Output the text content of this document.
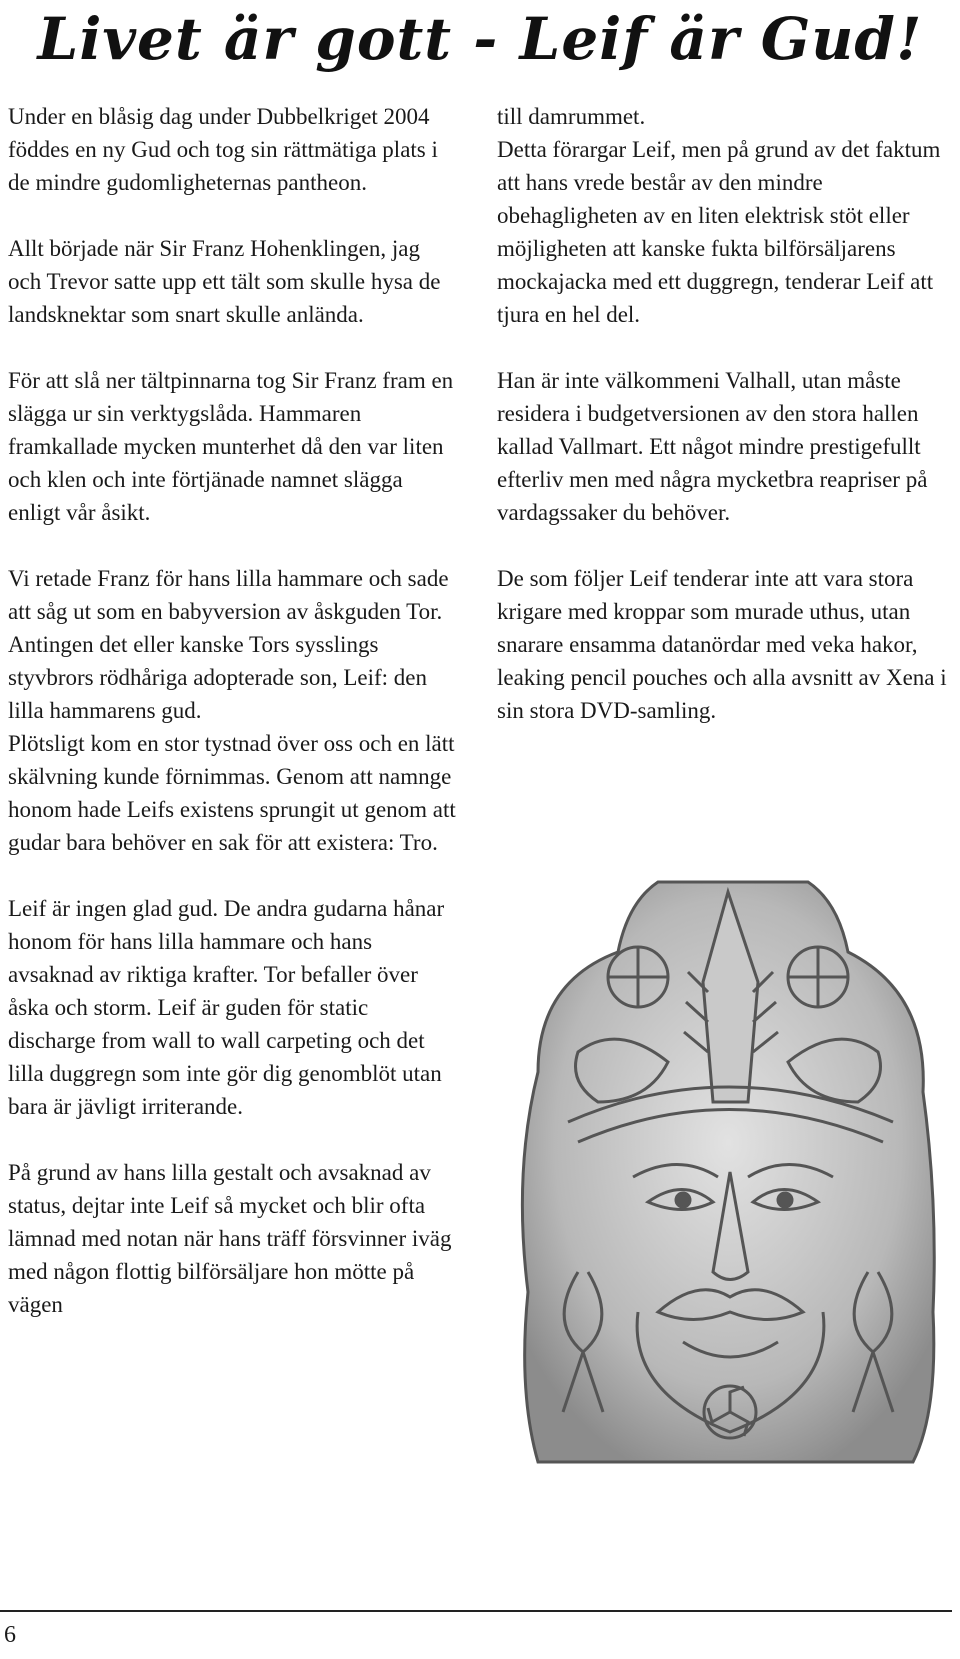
Livet är gott - Leif är Gud!

Under en blåsig dag under Dubbelkriget 2004 föddes en ny Gud och tog sin rättmätiga plats i de mindre gudomligheternas pantheon.

Allt började när Sir Franz Hohenklingen, jag och Trevor satte upp ett tält som skulle hysa de landsknektar som snart skulle anlända.

För att slå ner tältpinnarna tog Sir Franz fram en slägga ur sin verktygslåda. Hammaren framkallade mycken munterhet då den var liten och klen och inte förtjänade namnet slägga enligt vår åsikt.

Vi retade Franz för hans lilla hammare och sade att såg ut som en babyversion av åskguden Tor. Antingen det eller kanske Tors sysslings styvbrors rödhåriga adopterade son, Leif: den lilla hammarens gud.

Plötsligt kom en stor tystnad över oss och en lätt skälvning kunde förnimmas. Genom att namnge honom hade Leifs existens sprungit ut genom att gudar bara behöver en sak för att existera: Tro.

Leif är ingen glad gud. De andra gudarna hånar honom för hans lilla hammare och hans avsaknad av riktiga krafter. Tor befaller över åska och storm. Leif är guden för static discharge from wall to wall carpeting och det lilla duggregn som inte gör dig genomblöt utan bara är jävligt irriterande.

På grund av hans lilla gestalt och avsaknad av status, dejtar inte Leif så mycket och blir ofta lämnad med notan när hans träff försvinner iväg med någon flottig bilförsäljare hon mötte på vägen

till damrummet.

Detta förargar Leif, men på grund av det faktum att hans vrede består av den mindre obehagligheten av en liten elektrisk stöt eller möjligheten att kanske fukta bilförsäljarens mockajacka med ett duggregn, tenderar Leif att tjura en hel del.

Han är inte välkommeni Valhall, utan måste residera i budgetversionen av den stora hallen kallad Vallmart. Ett något mindre prestigefullt efterliv men med några mycketbra reapriser på vardagssaker du behöver.

De som följer Leif tenderar inte att vara stora krigare med kroppar som murade uthus, utan snarare ensamma datanördar med veka hakor, leaking pencil pouches och alla avsnitt av Xena i sin stora DVD-samling.

6
